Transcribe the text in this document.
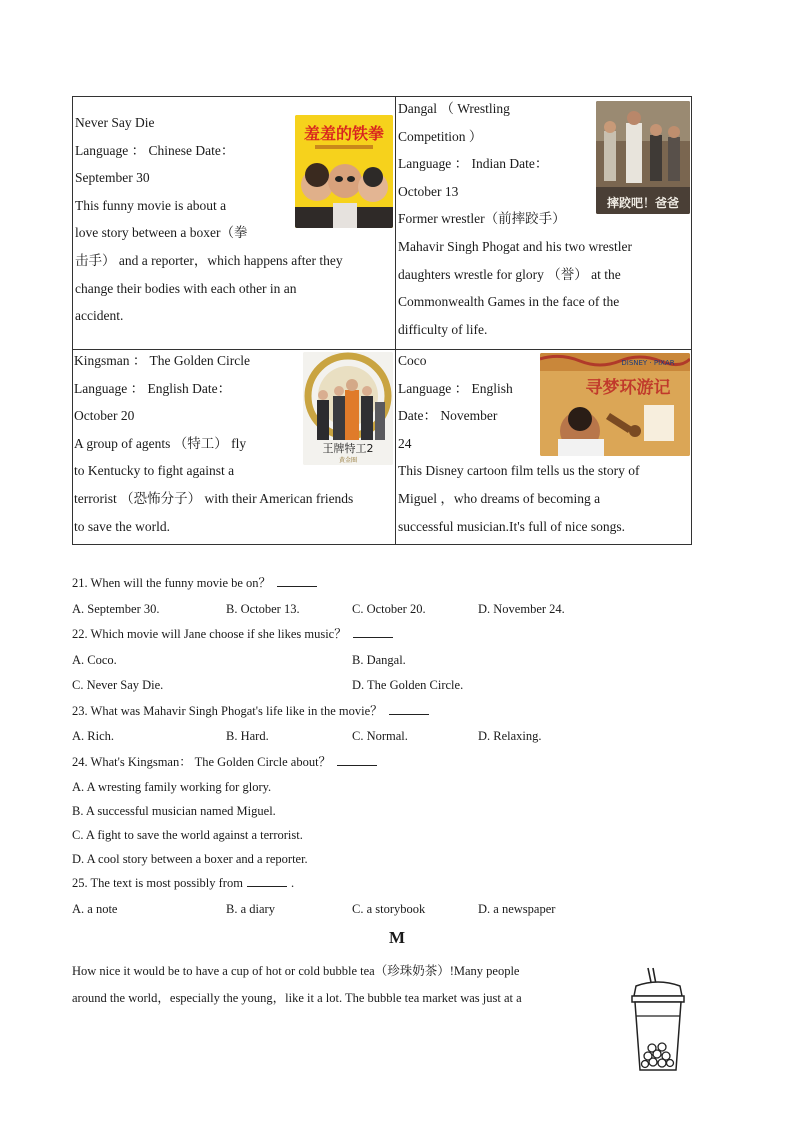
Never Say Die
Language ： Chinese Date：
September 30
This funny movie is about a
love story between a boxer（拳
击手） and a reporter，which happens after they
change their bodies with each other in an
accident.
羞羞的铁拳
Dangal （ Wrestling
Competition ）
Language ： Indian Date：
October 13
Former wrestler（前摔跤手）
Mahavir Singh Phogat and his two wrestler
daughters wrestle for glory （誉） at the
Commonwealth Games in the face of the
difficulty of life.
摔跤吧！爸爸
Kingsman ： The Golden Circle
Language ： English Date：
October 20
A group of agents （特工） fly
to Kentucky to fight against a
terrorist （恐怖分子） with their American friends
to save the world.
王牌特工2
黄金圈
Coco
Language ： English
Date： November
24
This Disney cartoon film tells us the story of
Miguel ，who dreams of becoming a
successful musician.It's full of nice songs.
DISNEY · PIXAR
寻梦环游记
21. When will the funny movie be on？
A. September 30.	B. October 13.	C. October 20.	D. November 24.
22. Which movie will Jane choose if she likes music？
A. Coco.	B. Dangal.
C. Never Say Die.	D. The Golden Circle.
23. What was Mahavir Singh Phogat's life like in the movie？
A. Rich.	B. Hard.	C. Normal.	D. Relaxing.
24. What's Kingsman： The Golden Circle about？
A. A wresting family working for glory.
B. A successful musician named Miguel.
C. A fight to save the world against a terrorist.
D. A cool story between a boxer and a reporter.
25. The text is most possibly from	.
A. a note	B. a diary	C. a storybook	D. a newspaper
M
How nice it would be to have a cup of hot or cold bubble tea（珍珠奶茶）!Many people
around the world，especially the young，like it a lot. The bubble tea market was just at a
